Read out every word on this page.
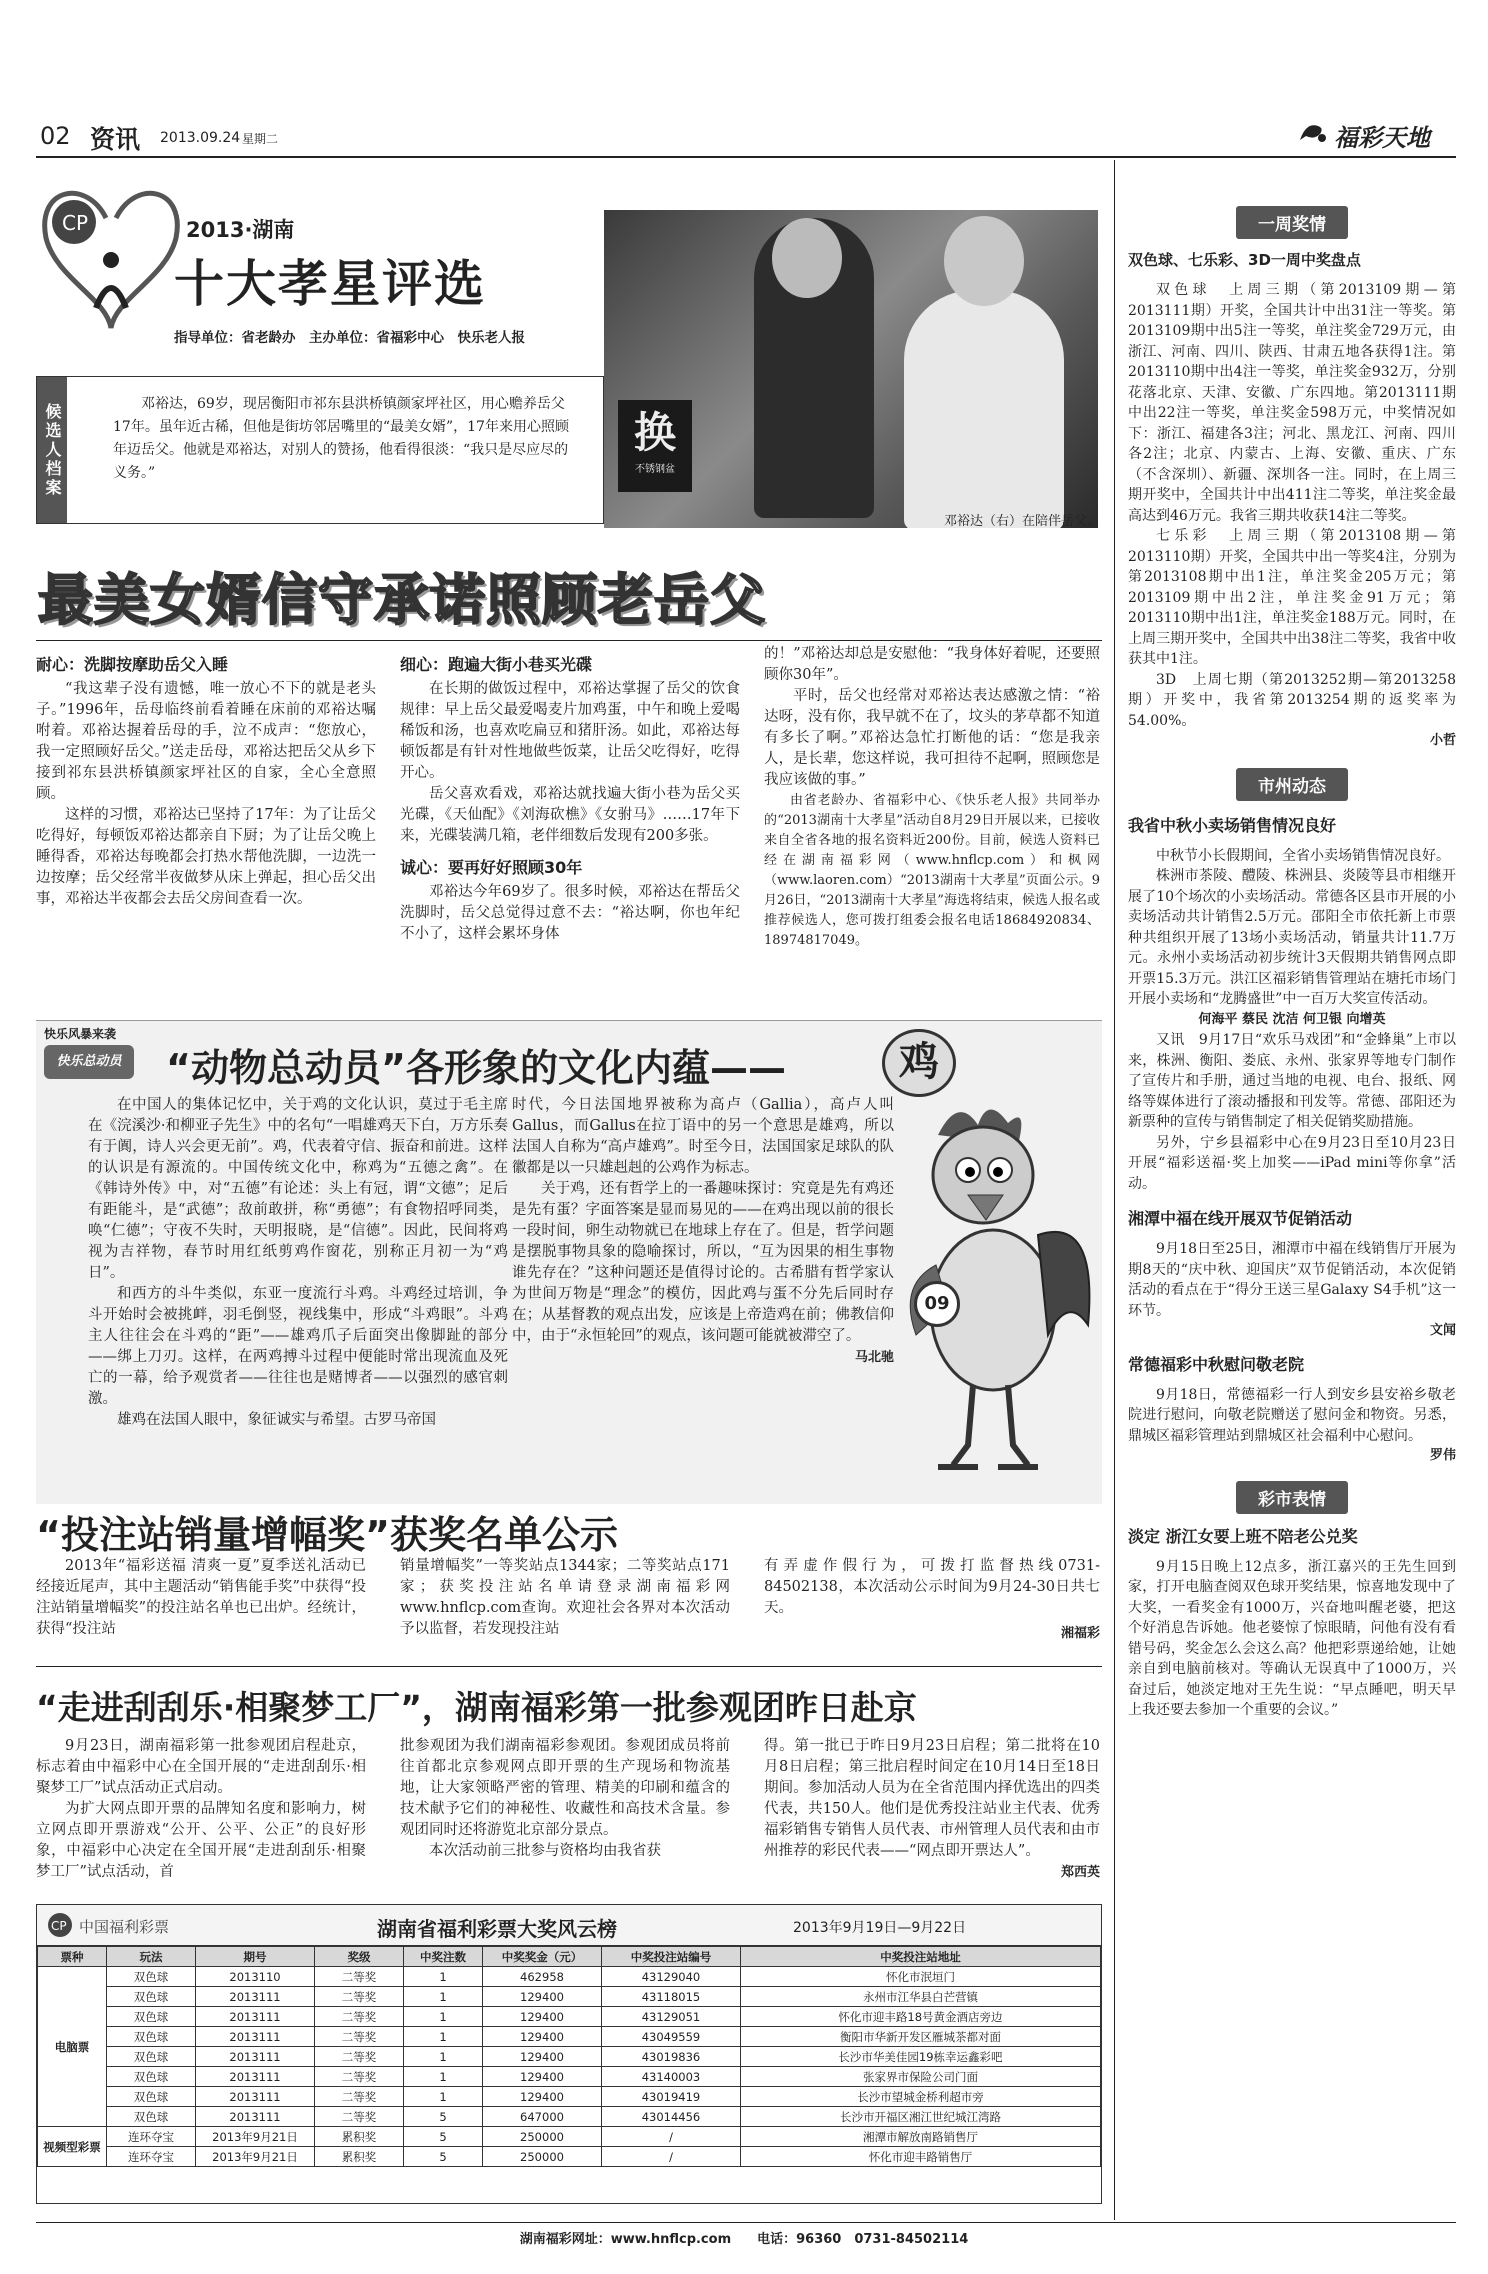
02 资讯 2013.09.24 星期二	福彩天地
CP	2013·湖南
十大孝星评选
指导单位：省老龄办　主办单位：省福彩中心　快乐老人报
候选人档案	邓裕达，69岁，现居衡阳市祁东县洪桥镇颜家坪社区，用心赡养岳父17年。虽年近古稀，但他是街坊邻居嘴里的“最美女婿”，17年来用心照顾年迈岳父。他就是邓裕达，对别人的赞扬，他看得很淡：“我只是尽应尽的义务。”
换
不锈钢盆
邓裕达（右）在陪伴岳父。
最美女婿信守承诺照顾老岳父
耐心：洗脚按摩助岳父入睡

“我这辈子没有遗憾，唯一放心不下的就是老头子。”1996年，岳母临终前看着睡在床前的邓裕达嘱咐着。邓裕达握着岳母的手，泣不成声：“您放心，我一定照顾好岳父。”送走岳母，邓裕达把岳父从乡下接到祁东县洪桥镇颜家坪社区的自家，全心全意照顾。

这样的习惯，邓裕达已坚持了17年：为了让岳父吃得好，每顿饭邓裕达都亲自下厨；为了让岳父晚上睡得香，邓裕达每晚都会打热水帮他洗脚，一边洗一边按摩；岳父经常半夜做梦从床上弹起，担心岳父出事，邓裕达半夜都会去岳父房间查看一次。

细心：跑遍大街小巷买光碟

在长期的做饭过程中，邓裕达掌握了岳父的饮食规律：早上岳父最爱喝麦片加鸡蛋，中午和晚上爱喝稀饭和汤，也喜欢吃扁豆和猪肝汤。如此，邓裕达每顿饭都是有针对性地做些饭菜，让岳父吃得好，吃得开心。

岳父喜欢看戏，邓裕达就找遍大街小巷为岳父买光碟，《天仙配》《刘海砍樵》《女驸马》……17年下来，光碟装满几箱，老伴细数后发现有200多张。

诚心：要再好好照顾30年

邓裕达今年69岁了。很多时候，邓裕达在帮岳父洗脚时，岳父总觉得过意不去：“裕达啊，你也年纪不小了，这样会累坏身体

的！”邓裕达却总是安慰他：“我身体好着呢，还要照顾你30年”。

平时，岳父也经常对邓裕达表达感激之情：“裕达呀，没有你，我早就不在了，坟头的茅草都不知道有多长了啊。”邓裕达急忙打断他的话：“您是我亲人，是长辈，您这样说，我可担待不起啊，照顾您是我应该做的事。”

由省老龄办、省福彩中心、《快乐老人报》共同举办的“2013湖南十大孝星”活动自8月29日开展以来，已接收来自全省各地的报名资料近200份。目前，候选人资料已经在湖南福彩网（www.hnflcp.com）和枫网（www.laoren.com）“2013湖南十大孝星”页面公示。9月26日，“2013湖南十大孝星”海选将结束，候选人报名或推荐候选人，您可拨打组委会报名电话18684920834、18974817049。

快乐风暴来袭
快乐总动员	“动物总动员”各形象的文化内蕴——	鸡

在中国人的集体记忆中，关于鸡的文化认识，莫过于毛主席在《浣溪沙·和柳亚子先生》中的名句“一唱雄鸡天下白，万方乐奏有于阗，诗人兴会更无前”。鸡，代表着守信、振奋和前进。这样的认识是有源流的。中国传统文化中，称鸡为“五德之禽”。在《韩诗外传》中，对“五德”有论述：头上有冠，谓“文德”；足后有距能斗，是“武德”；敌前敢拼，称“勇德”；有食物招呼同类，唤“仁德”；守夜不失时，天明报晓，是“信德”。因此，民间将鸡视为吉祥物，春节时用红纸剪鸡作窗花，别称正月初一为“鸡日”。

和西方的斗牛类似，东亚一度流行斗鸡。斗鸡经过培训，争斗开始时会被挑衅，羽毛倒竖，视线集中，形成“斗鸡眼”。斗鸡主人往往会在斗鸡的“距”——雄鸡爪子后面突出像脚趾的部分——绑上刀刃。这样，在两鸡搏斗过程中便能时常出现流血及死亡的一幕，给予观赏者——往往也是赌博者——以强烈的感官刺激。

雄鸡在法国人眼中，象征诚实与希望。古罗马帝国

时代，今日法国地界被称为高卢（Gallia），高卢人叫Gallus，而Gallus在拉丁语中的另一个意思是雄鸡，所以法国人自称为“高卢雄鸡”。时至今日，法国国家足球队的队徽都是以一只雄赳赳的公鸡作为标志。

关于鸡，还有哲学上的一番趣味探讨：究竟是先有鸡还是先有蛋？字面答案是显而易见的——在鸡出现以前的很长一段时间，卵生动物就已在地球上存在了。但是，哲学问题是摆脱事物具象的隐喻探讨，所以，“互为因果的相生事物谁先存在？”这种问题还是值得讨论的。古希腊有哲学家认为世间万物是“理念”的模仿，因此鸡与蛋不分先后同时存在；从基督教的观点出发，应该是上帝造鸡在前；佛教信仰中，由于“永恒轮回”的观点，该问题可能就被滞空了。

马北驰
09
“投注站销量增幅奖”获奖名单公示

2013年“福彩送福 清爽一夏”夏季送礼活动已经接近尾声，其中主题活动“销售能手奖”中获得“投注站销量增幅奖”的投注站名单也已出炉。经统计，获得“投注站

销量增幅奖”一等奖站点1344家；二等奖站点171家；获奖投注站名单请登录湖南福彩网www.hnflcp.com查询。欢迎社会各界对本次活动予以监督，若发现投注站

有弄虚作假行为，可拨打监督热线0731-84502138，本次活动公示时间为9月24-30日共七天。

湘福彩
“走进刮刮乐·相聚梦工厂”，湖南福彩第一批参观团昨日赴京

9月23日，湖南福彩第一批参观团启程赴京，标志着由中福彩中心在全国开展的“走进刮刮乐·相聚梦工厂”试点活动正式启动。

为扩大网点即开票的品牌知名度和影响力，树立网点即开票游戏“公开、公平、公正”的良好形象，中福彩中心决定在全国开展“走进刮刮乐·相聚梦工厂”试点活动，首

批参观团为我们湖南福彩参观团。参观团成员将前往首都北京参观网点即开票的生产现场和物流基地，让大家领略严密的管理、精美的印刷和蕴含的技术献予它们的神秘性、收藏性和高技术含量。参观团同时还将游览北京部分景点。

本次活动前三批参与资格均由我省获

得。第一批已于昨日9月23日启程；第二批将在10月8日启程；第三批启程时间定在10月14日至18日期间。参加活动人员为在全省范围内择优选出的四类代表，共150人。他们是优秀投注站业主代表、优秀福彩销售专销售人员代表、市州管理人员代表和由市州推荐的彩民代表——“网点即开票达人”。

郑西英
CP 中国福利彩票	湖南省福利彩票大奖风云榜	2013年9月19日—9月22日
票种	玩法	期号	奖级	中奖注数	中奖奖金（元）	中奖投注站编号	中奖投注站地址
电脑票	双色球	2013110	二等奖	1	462958	43129040	怀化市泯垣门
	双色球	2013111	二等奖	1	129400	43118015	永州市江华县白芒营镇
	双色球	2013111	二等奖	1	129400	43129051	怀化市迎丰路18号黄金酒店旁边
	双色球	2013111	二等奖	1	129400	43049559	衡阳市华新开发区雁城茶都对面
	双色球	2013111	二等奖	1	129400	43019836	长沙市华美佳园19栋幸运鑫彩吧
	双色球	2013111	二等奖	1	129400	43140003	张家界市保险公司门面
	双色球	2013111	二等奖	1	129400	43019419	长沙市望城金桥利超市旁
	双色球	2013111	二等奖	5	647000	43014456	长沙市开福区湘江世纪城江湾路
视频型彩票	连环夺宝	2013年9月21日	累积奖	5	250000	/	湘潭市解放南路销售厅
	连环夺宝	2013年9月21日	累积奖	5	250000	/	怀化市迎丰路销售厅
湖南福彩网址：www.hnflcp.com　　电话：96360　0731-84502114
一周奖情
双色球、七乐彩、3D一周中奖盘点

双色球　上周三期（第2013109期—第2013111期）开奖，全国共计中出31注一等奖。第2013109期中出5注一等奖，单注奖金729万元，由浙江、河南、四川、陕西、甘肃五地各获得1注。第2013110期中出4注一等奖，单注奖金932万，分别花落北京、天津、安徽、广东四地。第2013111期中出22注一等奖，单注奖金598万元，中奖情况如下：浙江、福建各3注；河北、黑龙江、河南、四川各2注；北京、内蒙古、上海、安徽、重庆、广东（不含深圳）、新疆、深圳各一注。同时，在上周三期开奖中，全国共计中出411注二等奖，单注奖金最高达到46万元。我省三期共收获14注二等奖。

七乐彩　上周三期（第2013108期—第2013110期）开奖，全国共中出一等奖4注，分别为第2013108期中出1注，单注奖金205万元；第2013109期中出2注，单注奖金91万元；第2013110期中出1注，单注奖金188万元。同时，在上周三期开奖中，全国共中出38注二等奖，我省中收获其中1注。

3D　上周七期（第2013252期—第2013258期）开奖中，我省第2013254期的返奖率为54.00%。

小哲
市州动态
我省中秋小卖场销售情况良好

中秋节小长假期间，全省小卖场销售情况良好。

株洲市茶陵、醴陵、株洲县、炎陵等县市相继开展了10个场次的小卖场活动。常德各区县市开展的小卖场活动共计销售2.5万元。邵阳全市依托新上市票种共组织开展了13场小卖场活动，销量共计11.7万元。永州小卖场活动初步统计3天假期共销售网点即开票15.3万元。洪江区福彩销售管理站在塘托市场门开展小卖场和“龙腾盛世”中一百万大奖宣传活动。

何海平 蔡民 沈洁 何卫银 向增英

又讯　9月17日“欢乐马戏团”和“金蜂巢”上市以来，株洲、衡阳、娄底、永州、张家界等地专门制作了宣传片和手册，通过当地的电视、电台、报纸、网络等媒体进行了滚动播报和刊发等。常德、邵阳还为新票种的宣传与销售制定了相关促销奖励措施。

另外，宁乡县福彩中心在9月23日至10月23日开展“福彩送福·奖上加奖——iPad mini等你拿”活动。

湘潭中福在线开展双节促销活动

9月18日至25日，湘潭市中福在线销售厅开展为期8天的“庆中秋、迎国庆”双节促销活动，本次促销活动的看点在于“得分王送三星Galaxy S4手机”这一环节。

文闻
常德福彩中秋慰问敬老院

9月18日，常德福彩一行人到安乡县安裕乡敬老院进行慰问，向敬老院赠送了慰问金和物资。另悉，鼎城区福彩管理站到鼎城区社会福利中心慰问。

罗伟
彩市表情
淡定 浙江女要上班不陪老公兑奖

9月15日晚上12点多，浙江嘉兴的王先生回到家，打开电脑查阅双色球开奖结果，惊喜地发现中了大奖，一看奖金有1000万，兴奋地叫醒老婆，把这个好消息告诉她。他老婆惊了惊眼睛，问他有没有看错号码，奖金怎么会这么高？他把彩票递给她，让她亲自到电脑前核对。等确认无误真中了1000万，兴奋过后，她淡定地对王先生说：“早点睡吧，明天早上我还要去参加一个重要的会议。”
